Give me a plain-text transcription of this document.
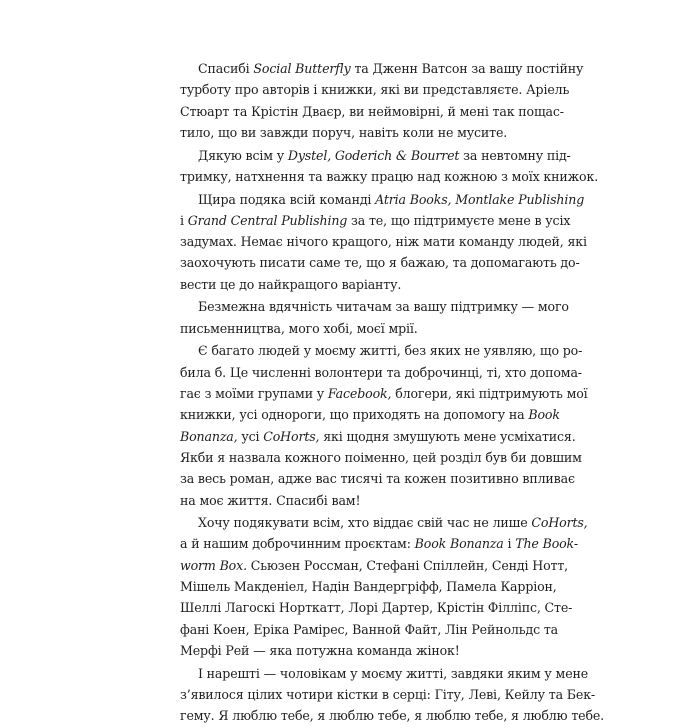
Спасибі Social Butterfly та Дженн Ватсон за вашу постійну
турботу про авторів і книжки, які ви представляєте. Аріель
Стюарт та Крістін Дваєр, ви неймовірні, й мені так пощас-
тило, що ви завжди поруч, навіть коли не мусите.
Дякую всім у Dystel, Goderich & Bourret за невтомну під-
тримку, натхнення та важку працю над кожною з моїх книжок.
Щира подяка всій команді Atria Books, Montlake Publishing
і Grand Central Publishing за те, що підтримуєте мене в усіх
задумах. Немає нічого кращого, ніж мати команду людей, які
заохочують писати саме те, що я бажаю, та допомагають до-
вести це до найкращого варіанту.
Безмежна вдячність читачам за вашу підтримку — мого
письменництва, мого хобі, моєї мрії.
Є багато людей у моєму житті, без яких не уявляю, що ро-
била б. Це численні волонтери та доброчинці, ті, хто допома-
гає з моїми групами у Facebook, блогери, які підтримують мої
книжки, усі однороги, що приходять на допомогу на Book
Bonanza, усі CoHorts, які щодня змушують мене усміхатися.
Якби я назвала кожного поіменно, цей розділ був би довшим
за весь роман, адже вас тисячі та кожен позитивно впливає
на моє життя. Спасибі вам!
Хочу подякувати всім, хто віддає свій час не лише CoHorts,
а й нашим доброчинним проєктам: Book Bonanza і The Book-
worm Box. Сьюзен Россман, Стефані Спіллейн, Сенді Нотт,
Мішель Макденіел, Надін Вандергріфф, Памела Карріон,
Шеллі Лагоскі Норткатт, Лорі Дартер, Крістін Філліпс, Сте-
фані Коен, Еріка Рамірес, Ванной Файт, Лін Рейнольдс та
Мерфі Рей — яка потужна команда жінок!
І нарешті — чоловікам у моєму житті, завдяки яким у мене
з’явилося цілих чотири кістки в серці: Гіту, Леві, Кейлу та Бек-
гему. Я люблю тебе, я люблю тебе, я люблю тебе, я люблю тебе.
